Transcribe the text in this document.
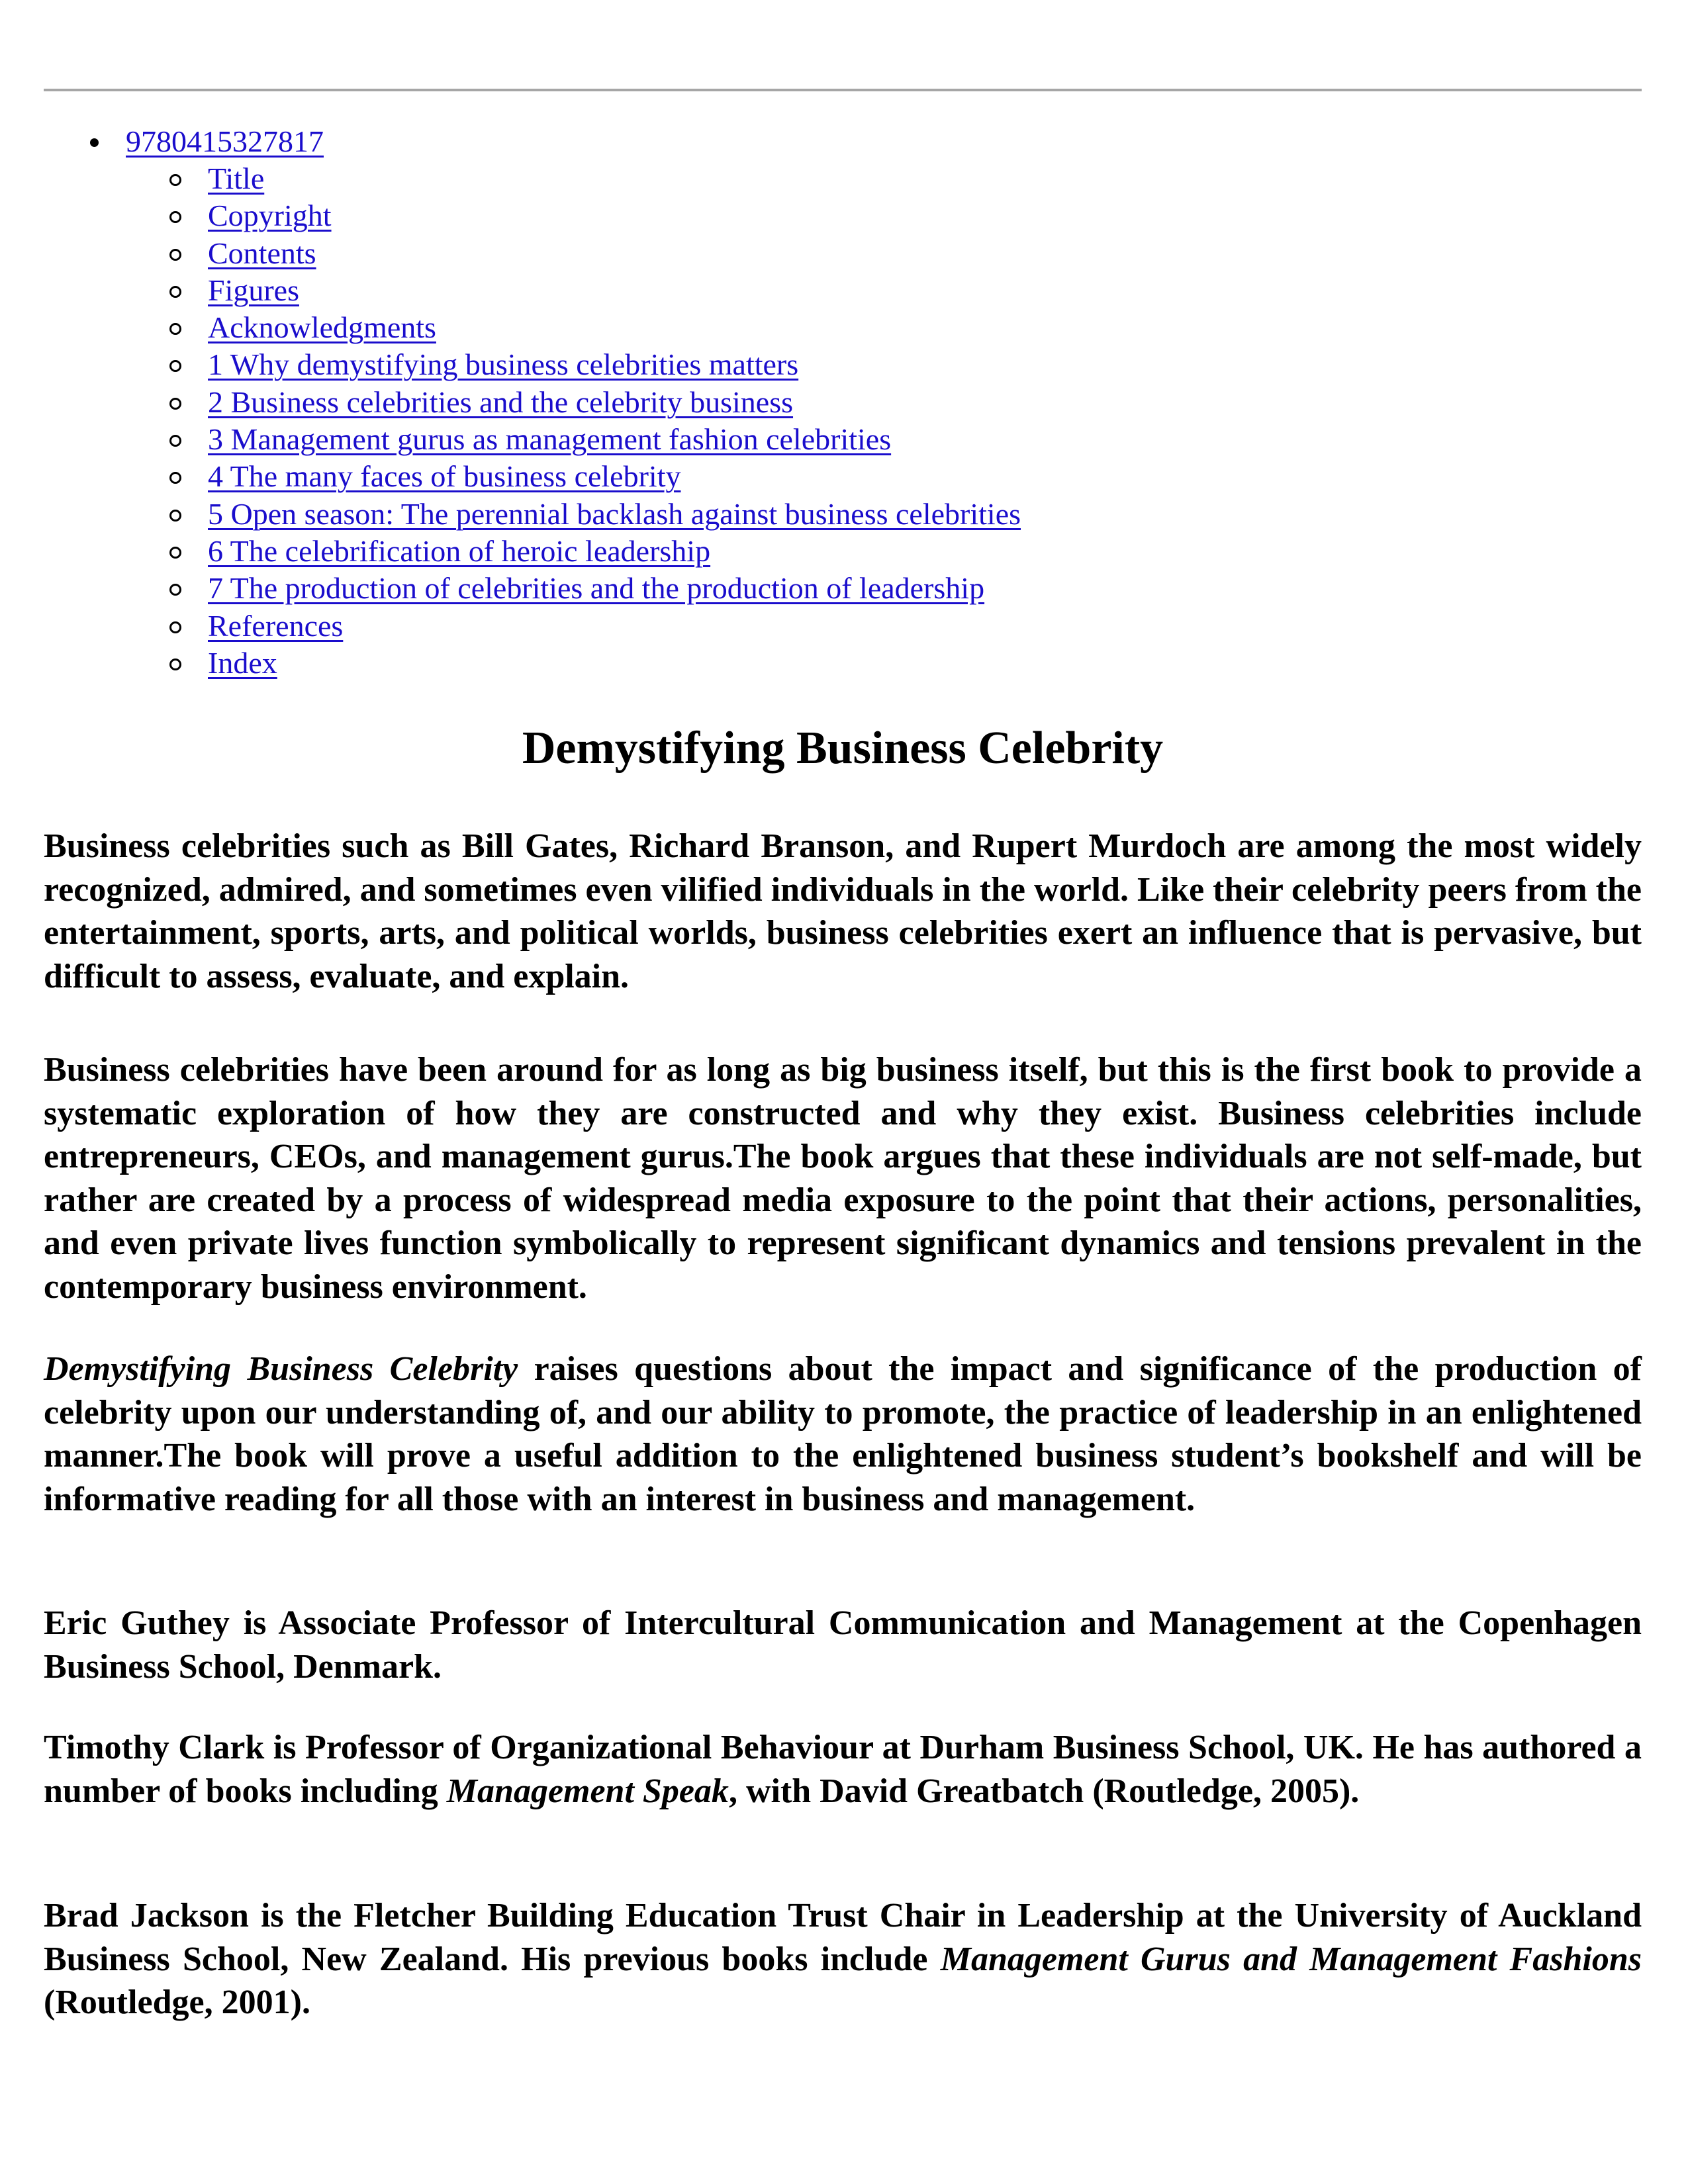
9780415327817
Title
Copyright
Contents
Figures
Acknowledgments
1 Why demystifying business celebrities matters
2 Business celebrities and the celebrity business
3 Management gurus as management fashion celebrities
4 The many faces of business celebrity
5 Open season: The perennial backlash against business celebrities
6 The celebrification of heroic leadership
7 The production of celebrities and the production of leadership
References
Index
Demystifying Business Celebrity

Business celebrities such as Bill Gates, Richard Branson, and Rupert Murdoch are among the most widely recognized, admired, and sometimes even vilified individuals in the world. Like their celebrity peers from the entertainment, sports, arts, and political worlds, business celebrities exert an influence that is pervasive, but difficult to assess, evaluate, and explain.

Business celebrities have been around for as long as big business itself, but this is the first book to provide a systematic exploration of how they are constructed and why they exist. Business celebrities include entrepreneurs, CEOs, and management gurus.The book argues that these individuals are not self-made, but rather are created by a process of widespread media exposure to the point that their actions, personalities, and even private lives function symbolically to represent significant dynamics and tensions prevalent in the contemporary business environment.

Demystifying Business Celebrity raises questions about the impact and significance of the production of celebrity upon our understanding of, and our ability to promote, the practice of leadership in an enlightened manner.The book will prove a useful addition to the enlightened business student’s bookshelf and will be informative reading for all those with an interest in business and management.

Eric Guthey is Associate Professor of Intercultural Communication and Management at the Copenhagen Business School, Denmark.

Timothy Clark is Professor of Organizational Behaviour at Durham Business School, UK. He has authored a number of books including Management Speak, with David Greatbatch (Routledge, 2005).

Brad Jackson is the Fletcher Building Education Trust Chair in Leadership at the University of Auckland Business School, New Zealand. His previous books include Management Gurus and Management Fashions (Routledge, 2001).
